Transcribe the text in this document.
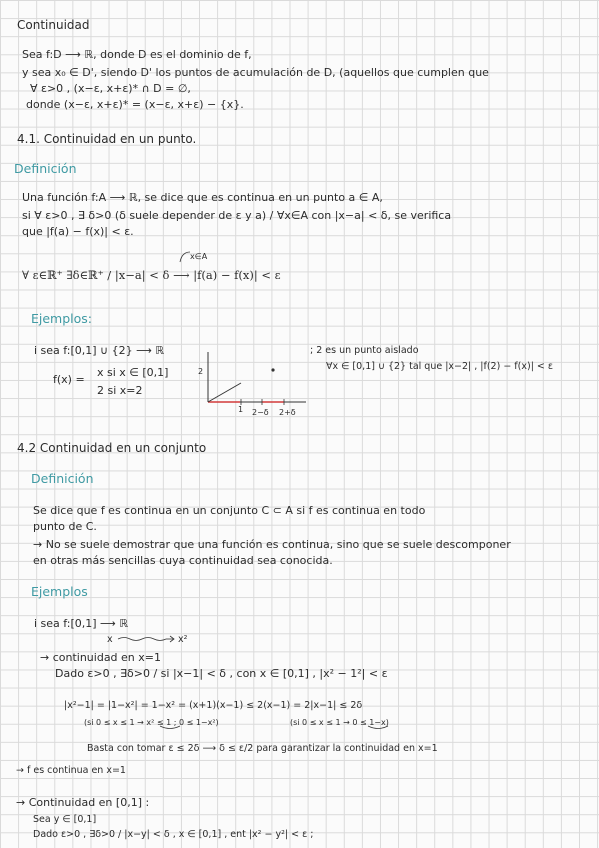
Continuidad
Sea f:D ⟶ ℝ, donde D es el dominio de f,
y sea x₀ ∈ D', siendo D' los puntos de acumulación de D, (aquellos que cumplen que
∀ ε>0 , (x−ε, x+ε)* ∩ D = ∅,
donde (x−ε, x+ε)* = (x−ε, x+ε) − {x}.
4.1. Continuidad en un punto.
Definición
Una función f:A ⟶ ℝ, se dice que es continua en un punto a ∈ A,
si ∀ ε>0 , ∃ δ>0 (δ suele depender de ε y a) / ∀x∈A con |x−a| < δ, se verifica
que |f(a) − f(x)| < ε.
x∈A
∀ ε∈ℝ⁺ ∃δ∈ℝ⁺ / |x−a| < δ ⟶ |f(a) − f(x)| < ε
Ejemplos:
i sea f:[0,1] ∪ {2} ⟶ ℝ
f(x) =
x si x ∈ [0,1]
2 si x=2
; 2 es un punto aislado
∀x ∈ [0,1] ∪ {2} tal que |x−2| , |f(2) − f(x)| < ε
2
1 2−δ 2+δ
4.2 Continuidad en un conjunto
Definición
Se dice que f es continua en un conjunto C ⊂ A si f es continua en todo
punto de C.
→ No se suele demostrar que una función es continua, sino que se suele descomponer
en otras más sencillas cuya continuidad sea conocida.
Ejemplos
i sea f:[0,1] ⟶ ℝ
x	x²
→ continuidad en x=1
Dado ε>0 , ∃δ>0 / si |x−1| < δ , con x ∈ [0,1] , |x² − 1²| < ε
|x²−1| = |1−x²| = 1−x² = (x+1)(x−1) ≤ 2(x−1) = 2|x−1| ≤ 2δ
(si 0 ≤ x ≤ 1 → x² ≤ 1 ; 0 ≤ 1−x²)	(si 0 ≤ x ≤ 1 → 0 ≤ 1−x)
Basta con tomar ε ≤ 2δ ⟶ δ ≤ ε/2 para garantizar la continuidad en x=1
→ f es continua en x=1
→ Continuidad en [0,1] :
Sea y ∈ [0,1]
Dado ε>0 , ∃δ>0 / |x−y| < δ , x ∈ [0,1] , ent |x² − y²| < ε ;
